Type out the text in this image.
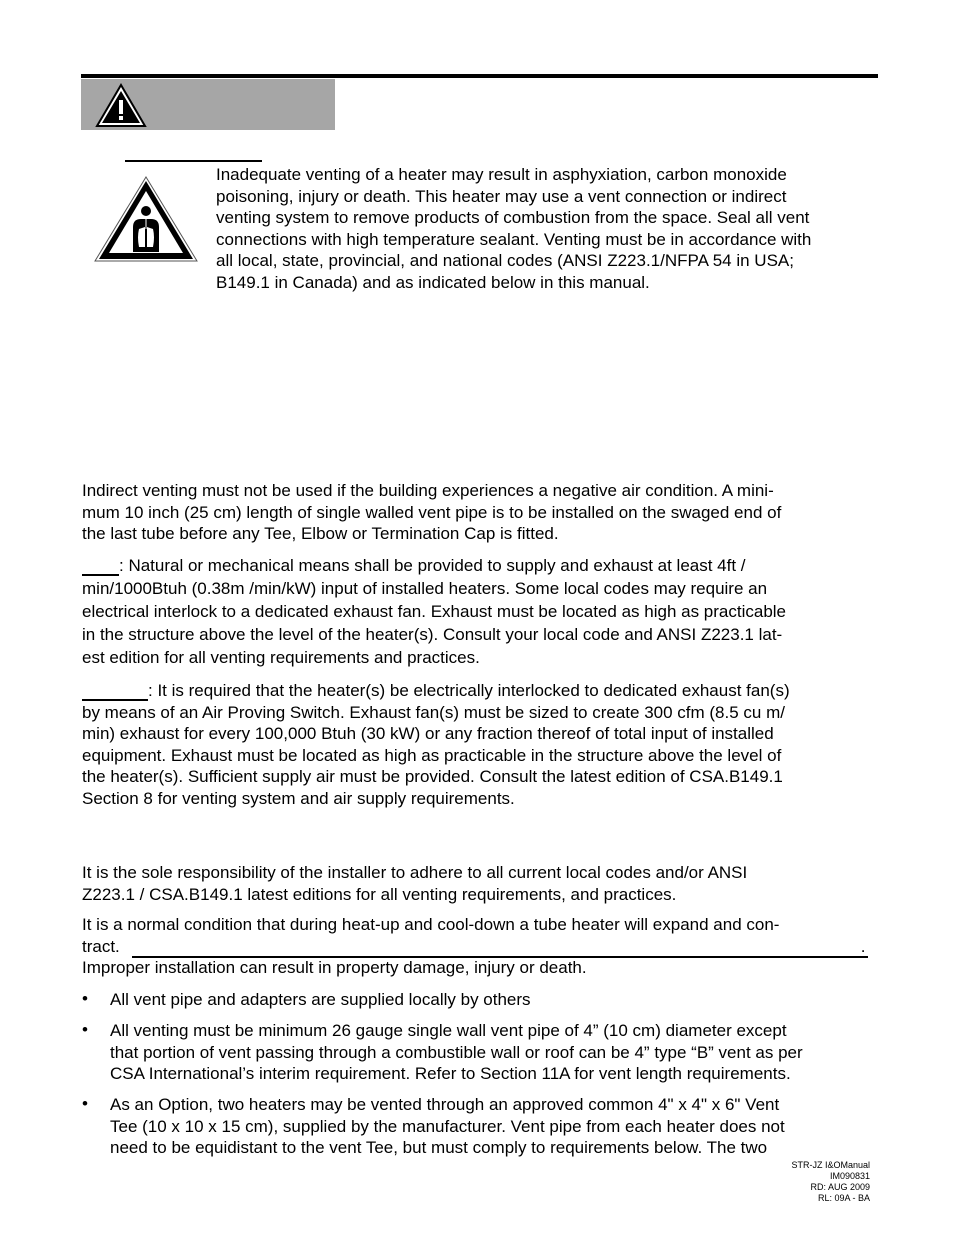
Inadequate venting of a heater may result in asphyxiation, carbon monoxide
poisoning, injury or death. This heater may use a vent connection or indirect
venting system to remove products of combustion from the space. Seal all vent
connections with high temperature sealant. Venting must be in accordance with
all local, state, provincial, and national codes (ANSI Z223.1/NFPA 54 in USA;
B149.1 in Canada) and as indicated below in this manual.
Indirect venting must not be used if the building experiences a negative air condition. A mini-
mum 10 inch (25 cm) length of single walled vent pipe is to be installed on the swaged end of
the last tube before any Tee, Elbow or Termination Cap is fitted.
: Natural or mechanical means shall be provided to supply and exhaust at least 4ft /
min/1000Btuh (0.38m /min/kW) input of installed heaters. Some local codes may require an
electrical interlock to a dedicated exhaust fan. Exhaust must be located as high as practicable
in the structure above the level of the heater(s). Consult your local code and ANSI Z223.1 lat-
est edition for all venting requirements and practices.
: It is required that the heater(s) be electrically interlocked to dedicated exhaust fan(s)
by means of an Air Proving Switch. Exhaust fan(s) must be sized to create 300 cfm (8.5 cu m/
min) exhaust for every 100,000 Btuh (30 kW) or any fraction thereof of total input of installed
equipment. Exhaust must be located as high as practicable in the structure above the level of
the heater(s). Sufficient supply air must be provided. Consult the latest edition of CSA.B149.1
Section 8 for venting system and air supply requirements.
It is the sole responsibility of the installer to adhere to all current local codes and/or ANSI
Z223.1 / CSA.B149.1 latest editions for all venting requirements, and practices.
It is a normal condition that during heat-up and cool-down a tube heater will expand and con-
tract.	.
Improper installation can result in property damage, injury or death.
• All vent pipe and adapters are supplied locally by others
• All venting must be minimum 26 gauge single wall vent pipe of 4” (10 cm) diameter except
that portion of vent passing through a combustible wall or roof can be 4” type “B” vent as per
CSA International’s interim requirement. Refer to Section 11A for vent length requirements.
• As an Option, two heaters may be vented through an approved common 4" x 4" x 6" Vent
Tee (10 x 10 x 15 cm), supplied by the manufacturer. Vent pipe from each heater does not
need to be equidistant to the vent Tee, but must comply to requirements below. The two
STR-JZ I&OManual
IM090831
RD: AUG 2009
RL: 09A - BA
